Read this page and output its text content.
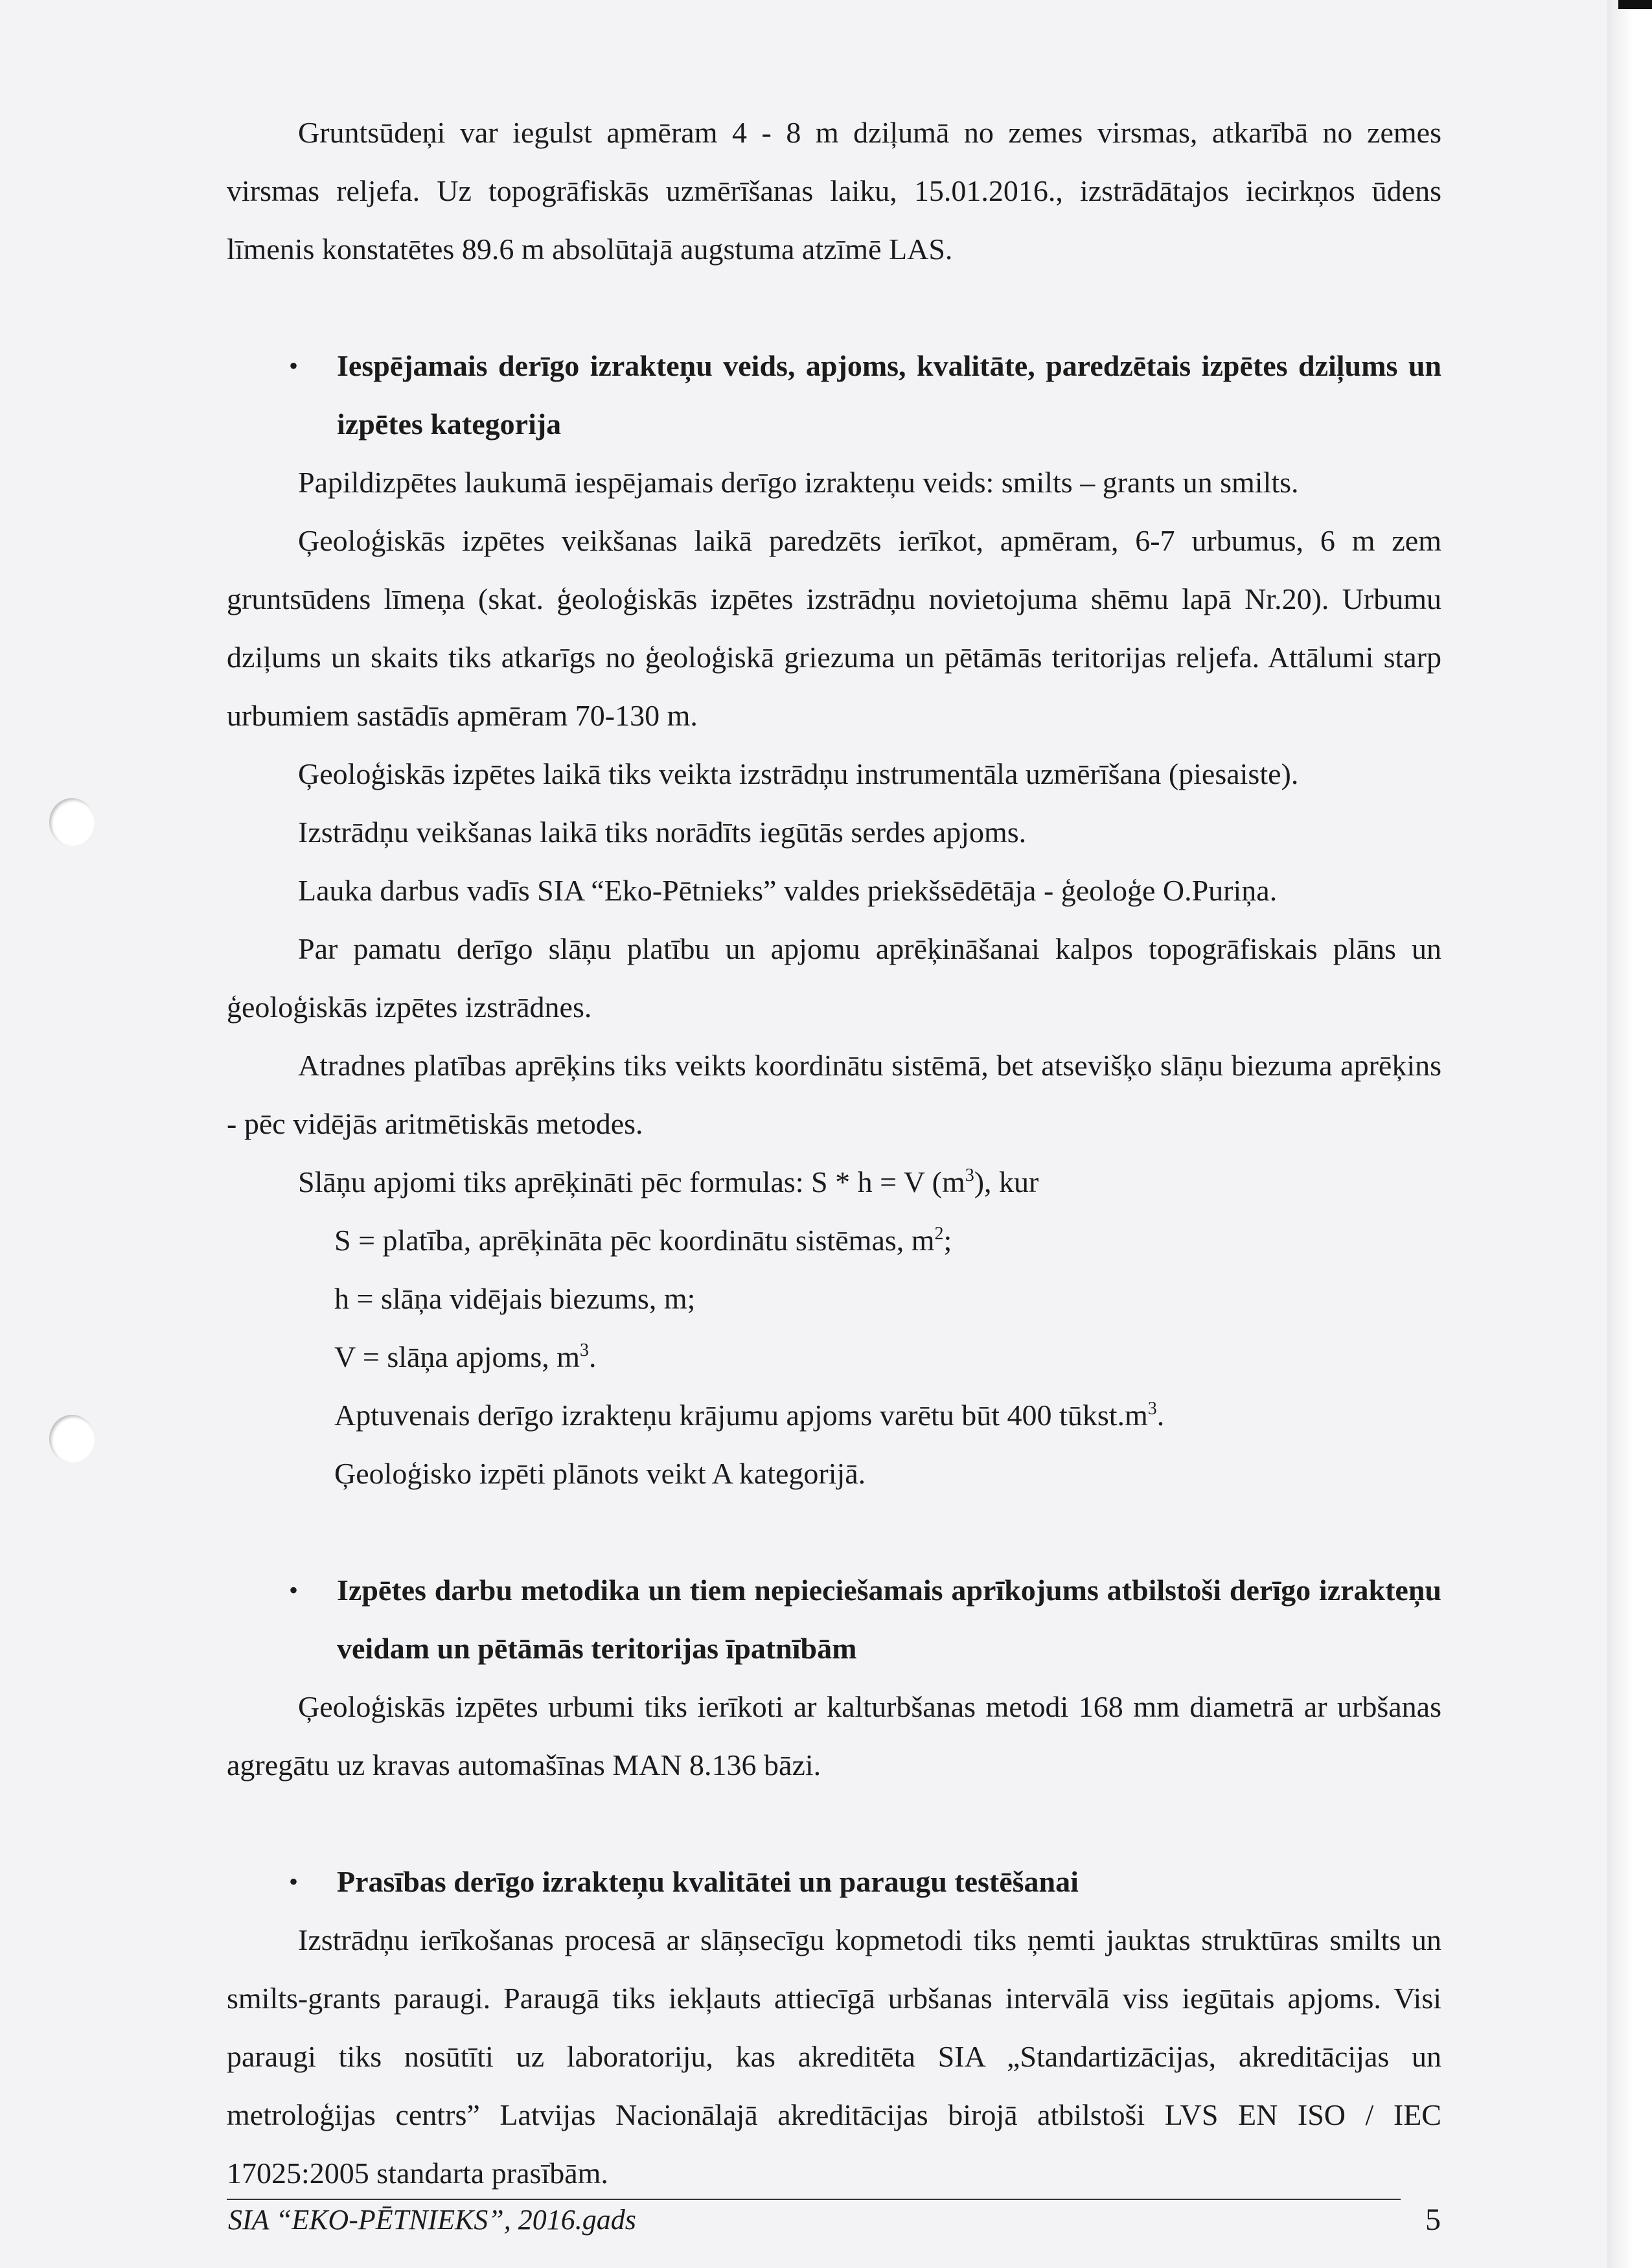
Gruntsūdeņi var iegulst apmēram 4 - 8 m dziļumā no zemes virsmas, atkarībā no zemes virsmas reljefa. Uz topogrāfiskās uzmērīšanas laiku, 15.01.2016., izstrādātajos iecirkņos ūdens līmenis konstatētes 89.6 m absolūtajā augstuma atzīmē LAS.

• Iespējamais derīgo izrakteņu veids, apjoms, kvalitāte, paredzētais izpētes dziļums un izpētes kategorija

Papildizpētes laukumā iespējamais derīgo izrakteņu veids: smilts – grants un smilts.

Ģeoloģiskās izpētes veikšanas laikā paredzēts ierīkot, apmēram, 6-7 urbumus, 6 m zem gruntsūdens līmeņa (skat. ģeoloģiskās izpētes izstrādņu novietojuma shēmu lapā Nr.20). Urbumu dziļums un skaits tiks atkarīgs no ģeoloģiskā griezuma un pētāmās teritorijas reljefa. Attālumi starp urbumiem sastādīs apmēram 70-130 m.

Ģeoloģiskās izpētes laikā tiks veikta izstrādņu instrumentāla uzmērīšana (piesaiste).

Izstrādņu veikšanas laikā tiks norādīts iegūtās serdes apjoms.

Lauka darbus vadīs SIA “Eko-Pētnieks” valdes priekšsēdētāja - ģeoloģe O.Puriņa.

Par pamatu derīgo slāņu platību un apjomu aprēķināšanai kalpos topogrāfiskais plāns un ģeoloģiskās izpētes izstrādnes.

Atradnes platības aprēķins tiks veikts koordinātu sistēmā, bet atsevišķo slāņu biezuma aprēķins - pēc vidējās aritmētiskās metodes.

Slāņu apjomi tiks aprēķināti pēc formulas: S * h = V $(m^3)$, kur

S = platība, aprēķināta pēc koordinātu sistēmas, $m^2$;

h = slāņa vidējais biezums, m;

V = slāņa apjoms, $m^3$.

Aptuvenais derīgo izrakteņu krājumu apjoms varētu būt 400 $tūkst.m^3$.

Ģeoloģisko izpēti plānots veikt A kategorijā.

• Izpētes darbu metodika un tiem nepieciešamais aprīkojums atbilstoši derīgo izrakteņu veidam un pētāmās teritorijas īpatnībām

Ģeoloģiskās izpētes urbumi tiks ierīkoti ar kalturbšanas metodi 168 mm diametrā ar urbšanas agregātu uz kravas automašīnas MAN 8.136 bāzi.

• Prasības derīgo izrakteņu kvalitātei un paraugu testēšanai

Izstrādņu ierīkošanas procesā ar slāņsecīgu kopmetodi tiks ņemti jauktas struktūras smilts un smilts-grants paraugi. Paraugā tiks iekļauts attiecīgā urbšanas intervālā viss iegūtais apjoms. Visi paraugi tiks nosūtīti uz laboratoriju, kas akreditēta SIA „Standartizācijas, akreditācijas un metroloģijas centrs” Latvijas Nacionālajā akreditācijas birojā atbilstoši LVS EN ISO / IEC 17025:2005 standarta prasībām.

SIA “EKO-PĒTNIEKS”, 2016.gads	5
